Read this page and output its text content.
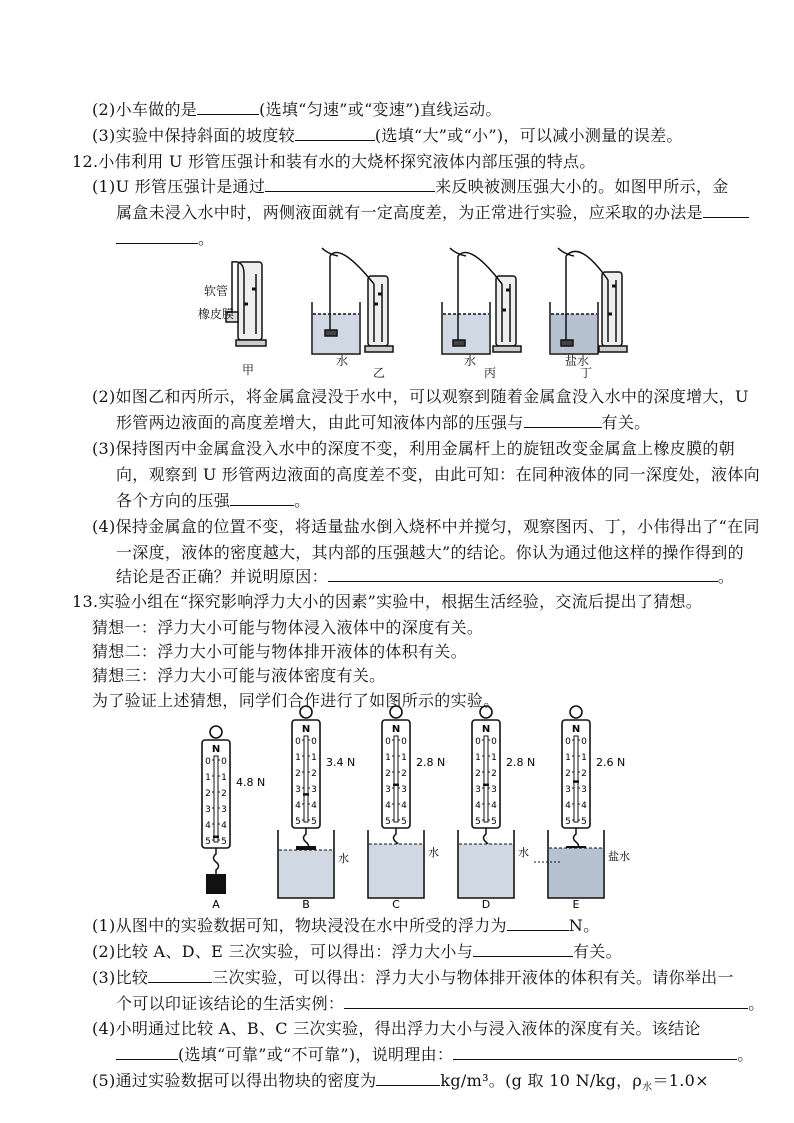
(2)小车做的是	(选填“匀速”或“变速”)直线运动。
(3)实验中保持斜面的坡度较	(选填“大”或“小”)，可以减小测量的误差。
12.小伟利用 U 形管压强计和装有水的大烧杯探究液体内部压强的特点。
(1)U 形管压强计是通过	来反映被测压强大小的。如图甲所示，金
属盒未浸入水中时，两侧液面就有一定高度差，为正常进行实验，应采取的办法是
。
软管
橡皮膜
水	水	盐水
甲	乙	丙	丁
(2)如图乙和丙所示，将金属盒浸没于水中，可以观察到随着金属盒没入水中的深度增大，U
形管两边液面的高度差增大，由此可知液体内部的压强与	有关。
(3)保持图丙中金属盒没入水中的深度不变，利用金属杆上的旋钮改变金属盒上橡皮膜的朝
向，观察到 U 形管两边液面的高度差不变，由此可知：在同种液体的同一深度处，液体向
各个方向的压强	。
(4)保持金属盒的位置不变，将适量盐水倒入烧杯中并搅匀，观察图丙、丁，小伟得出了“在同
一深度，液体的密度越大，其内部的压强越大”的结论。你认为通过他这样的操作得到的
结论是否正确？并说明原因：	。
13.实验小组在“探究影响浮力大小的因素”实验中，根据生活经验，交流后提出了猜想。
猜想一：浮力大小可能与物体浸入液体中的深度有关。
猜想二：浮力大小可能与物体排开液体的体积有关。
猜想三：浮力大小可能与液体密度有关。
为了验证上述猜想，同学们合作进行了如图所示的实验。
N
0 0
1 1
2 2
3 3
4 4
5 5
4.8 N
A
N
0 0
1 1
2 2
3 3
4 4
5 5
3.4 N
B
水
N
0 0
1 1
2 2
3 3
4 4
5 5
2.8 N
C
水
N
0 0
1 1
2 2
3 3
4 4
5 5
2.8 N
D
水
N
0 0
1 1
2 2
3 3
4 4
5 5
2.6 N
E
盐水
(1)从图中的实验数据可知，物块浸没在水中所受的浮力为	N。
(2)比较 A、D、E 三次实验，可以得出：浮力大小与	有关。
(3)比较	三次实验，可以得出：浮力大小与物体排开液体的体积有关。请你举出一
个可以印证该结论的生活实例：	。
(4)小明通过比较 A、B、C 三次实验，得出浮力大小与浸入液体的深度有关。该结论
(选填“可靠”或“不可靠”)，说明理由：	。
(5)通过实验数据可以得出物块的密度为	kg/m³。(g 取 10 N/kg，$\rho_水=1.0\times$
